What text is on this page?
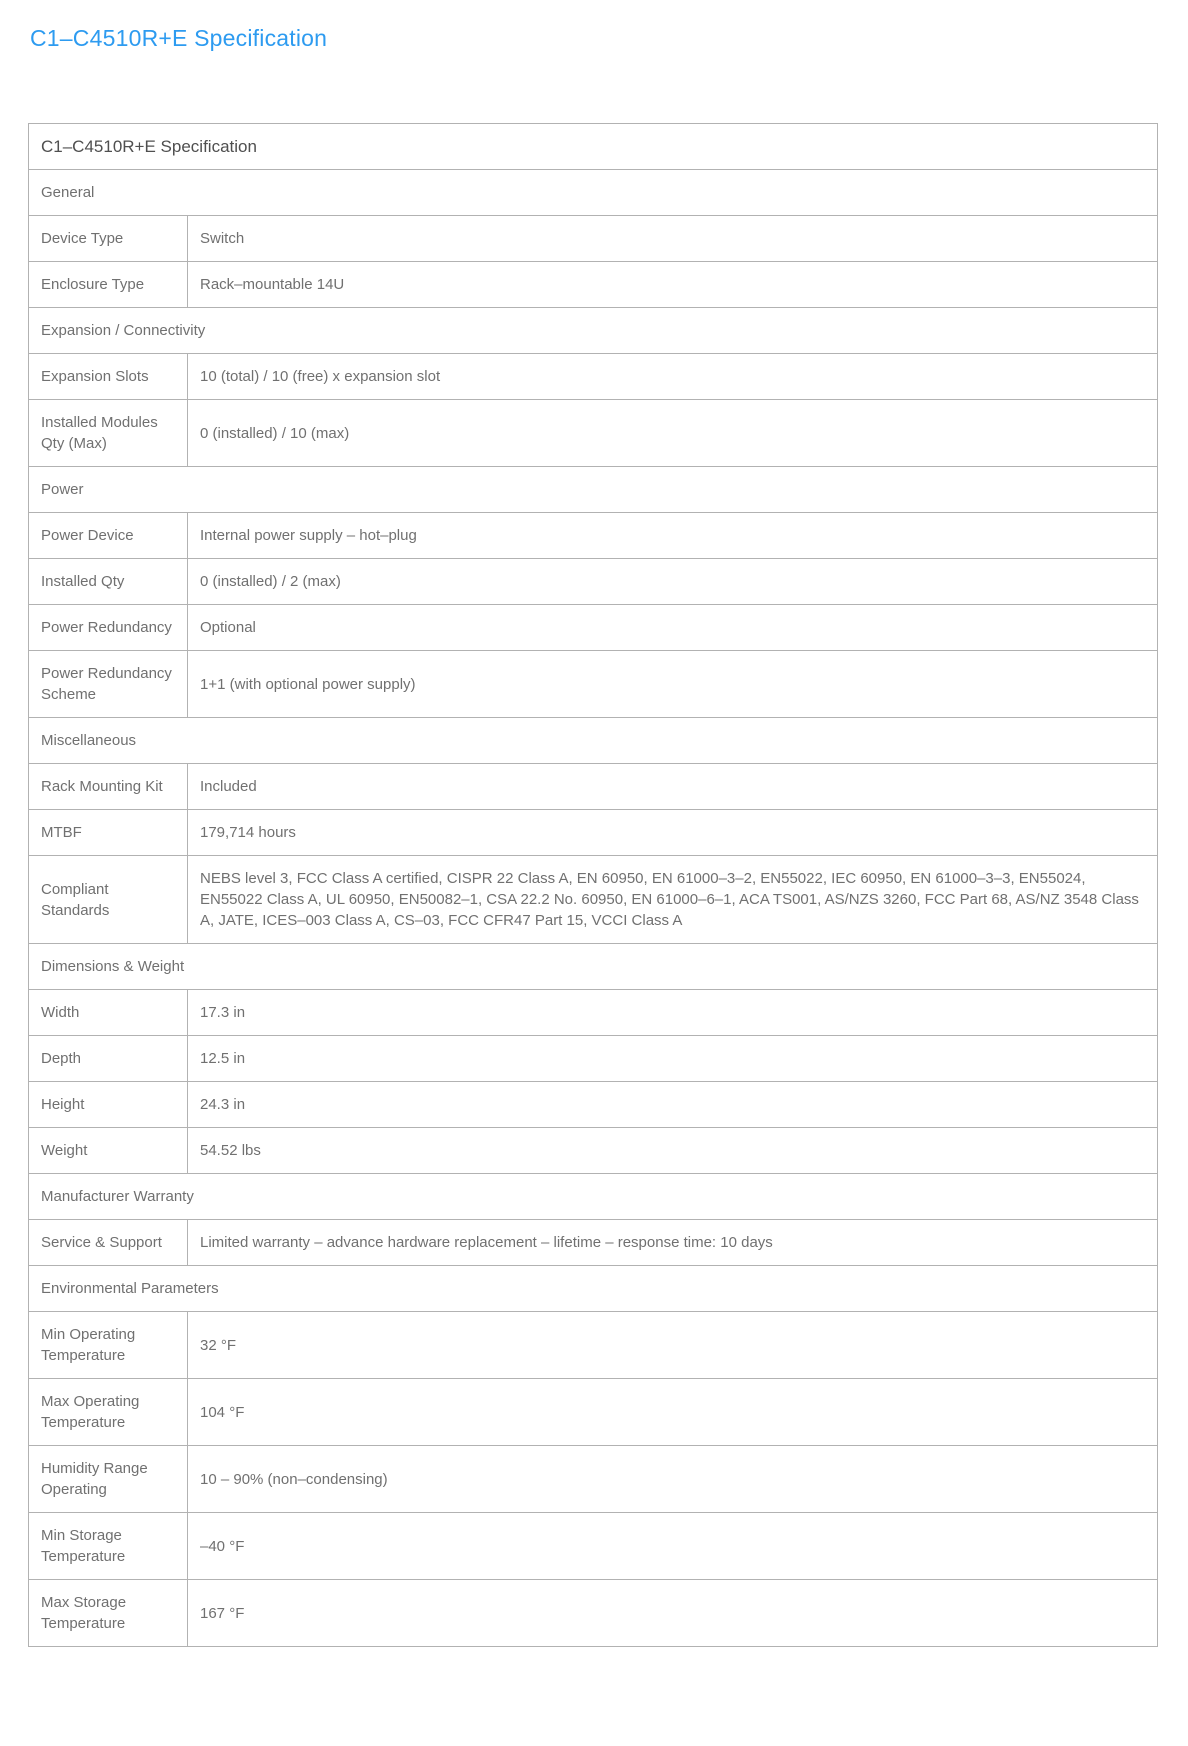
C1–C4510R+E Specification
C1–C4510R+E Specification	
General	
Device Type	Switch
Enclosure Type	Rack–mountable 14U
Expansion / Connectivity	
Expansion Slots	10 (total) / 10 (free) x expansion slot
Installed Modules Qty (Max)	0 (installed) / 10 (max)
Power	
Power Device	Internal power supply – hot–plug
Installed Qty	0 (installed) / 2 (max)
Power Redundancy	Optional
Power Redundancy Scheme	1+1 (with optional power supply)
Miscellaneous	
Rack Mounting Kit	Included
MTBF	179,714 hours
Compliant Standards	NEBS level 3, FCC Class A certified, CISPR 22 Class A, EN 60950, EN 61000–3–2, EN55022, IEC 60950, EN 61000–3–3, EN55024, EN55022 Class A, UL 60950, EN50082–1, CSA 22.2 No. 60950, EN 61000–6–1, ACA TS001, AS/NZS 3260, FCC Part 68, AS/NZ 3548 Class A, JATE, ICES–003 Class A, CS–03, FCC CFR47 Part 15, VCCI Class A
Dimensions & Weight	
Width	17.3 in
Depth	12.5 in
Height	24.3 in
Weight	54.52 lbs
Manufacturer Warranty	
Service & Support	Limited warranty – advance hardware replacement – lifetime – response time: 10 days
Environmental Parameters	
Min Operating Temperature	32 °F
Max Operating Temperature	104 °F
Humidity Range Operating	10 – 90% (non–condensing)
Min Storage Temperature	–40 °F
Max Storage Temperature	167 °F
